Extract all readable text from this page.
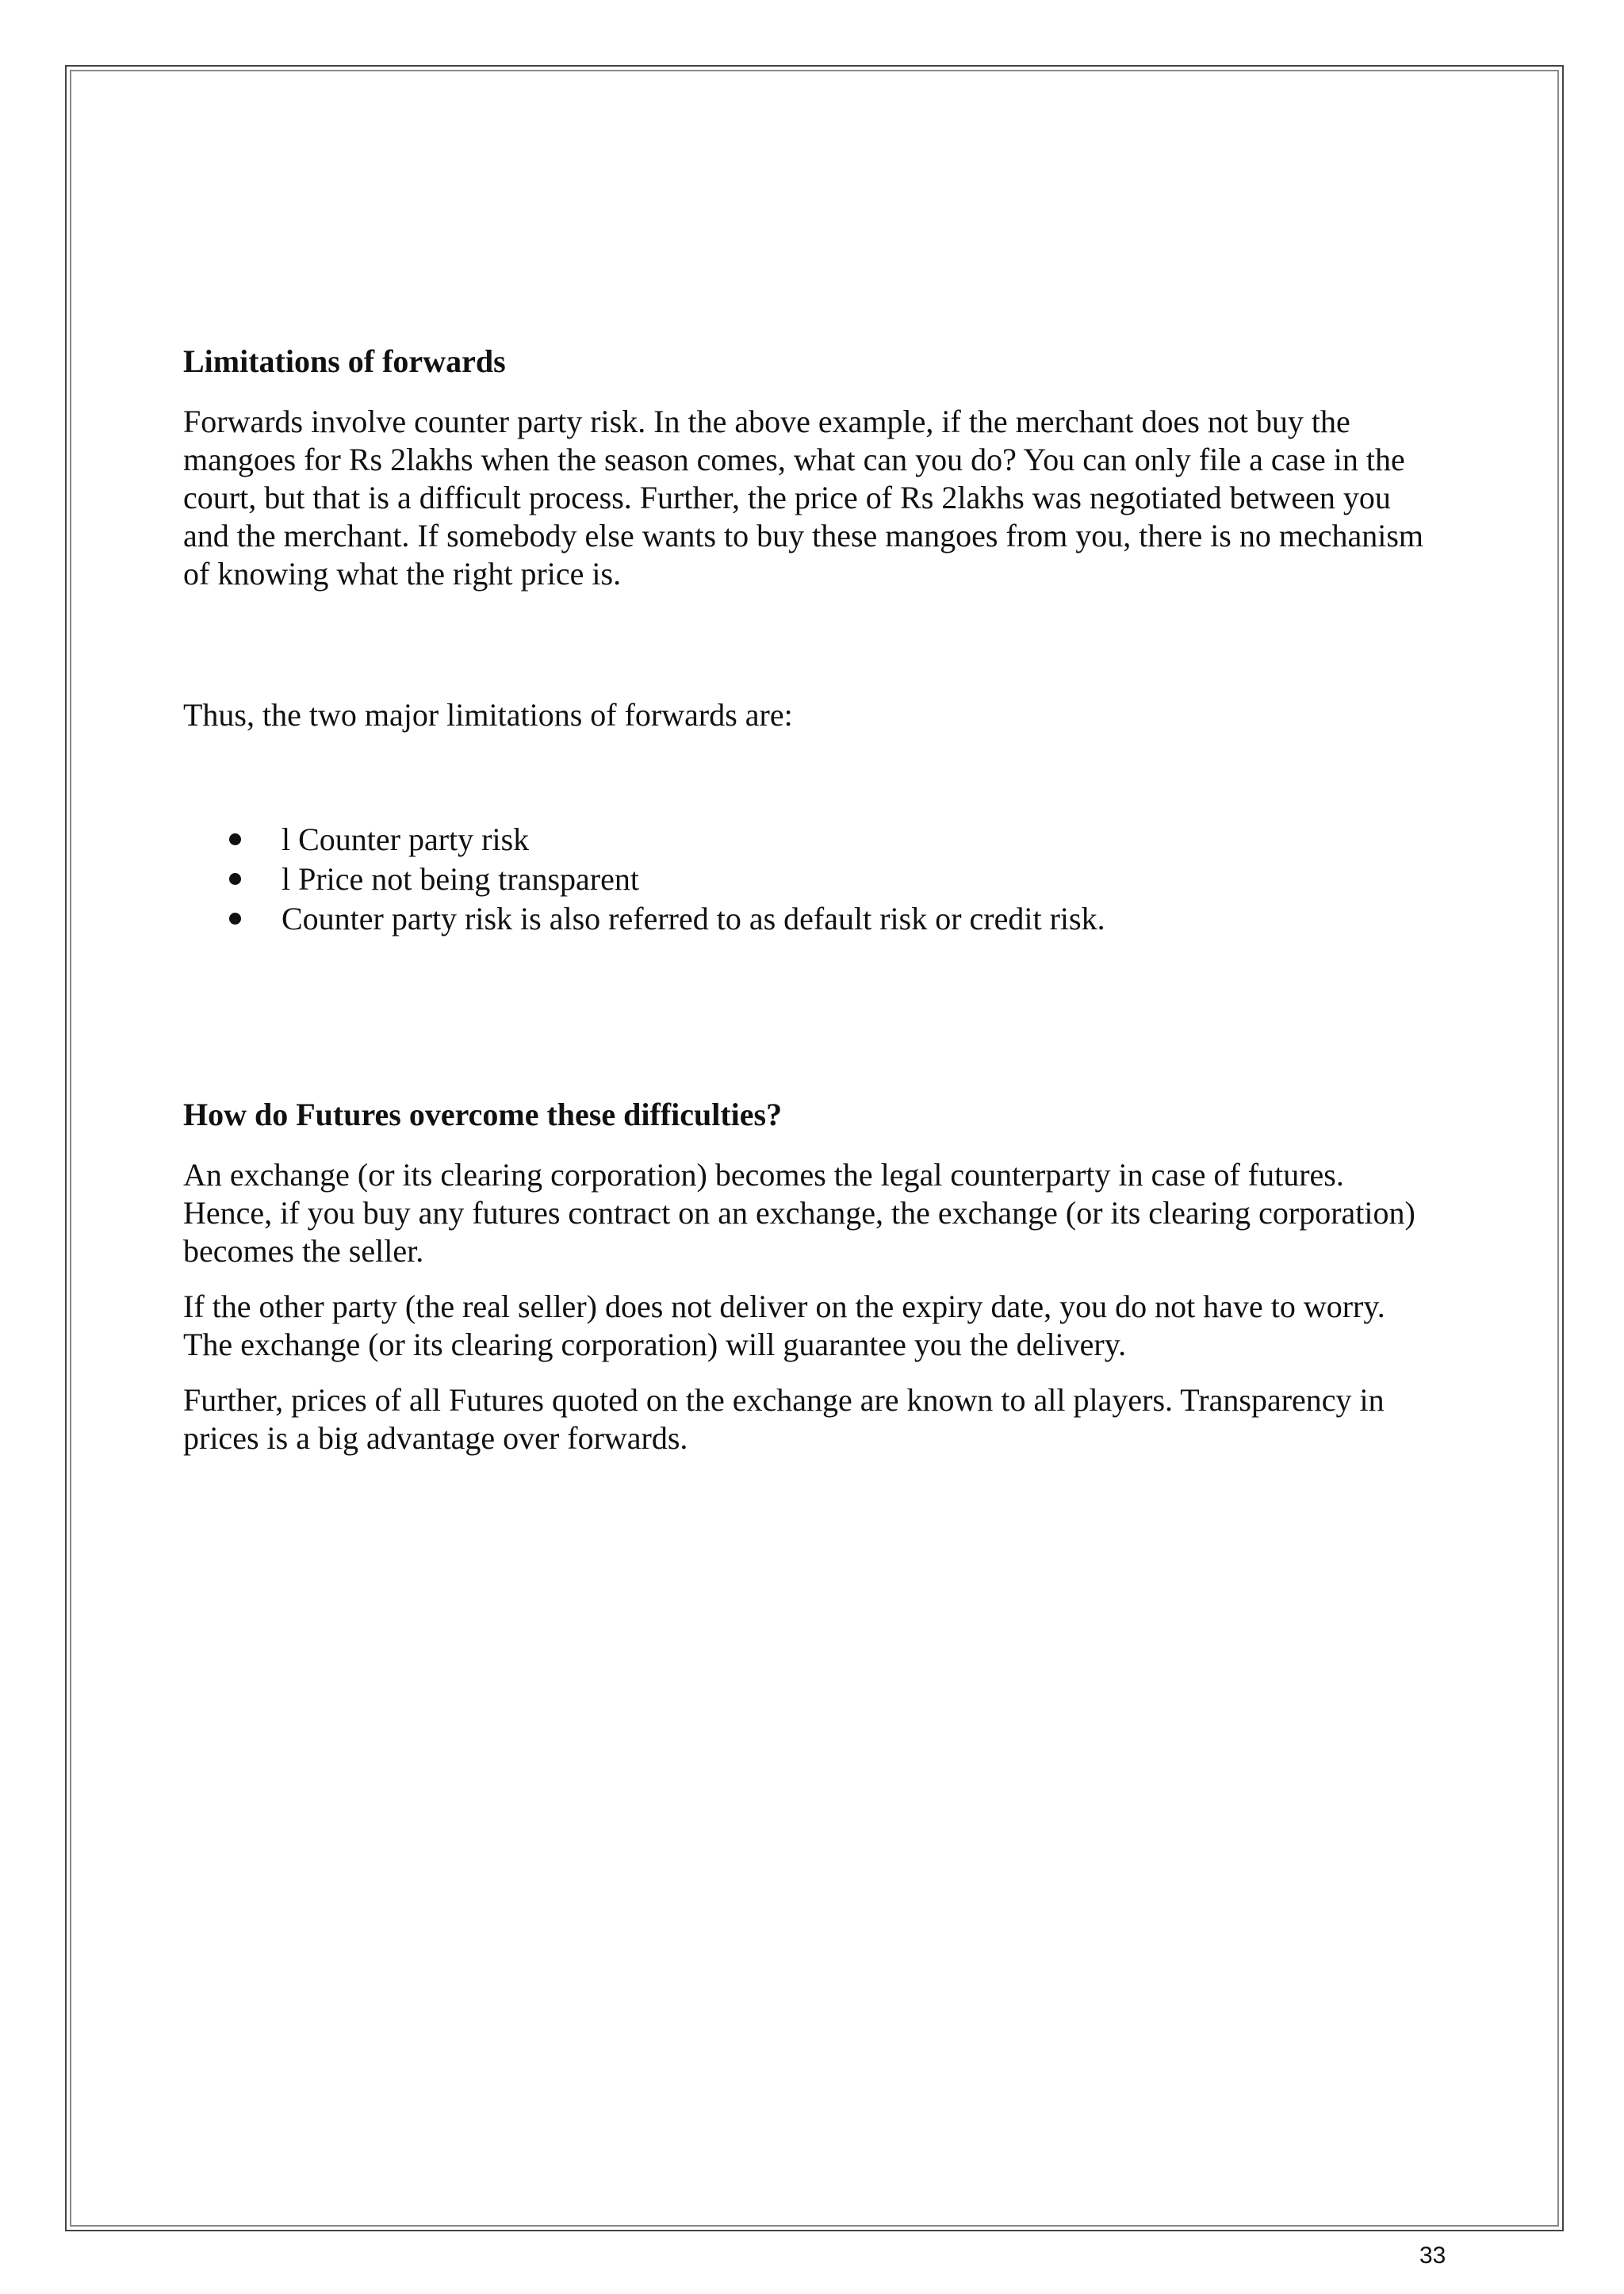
Limitations of forwards

Forwards involve counter party risk. In the above example, if the merchant does not buy the mangoes for Rs 2lakhs when the season comes, what can you do? You can only file a case in the court, but that is a difficult process. Further, the price of Rs 2lakhs was negotiated between you and the merchant. If somebody else wants to buy these mangoes from you, there is no mechanism of knowing what the right price is.

Thus, the two major limitations of forwards are:

l Counter party risk
l Price not being transparent
Counter party risk is also referred to as default risk or credit risk.
How do Futures overcome these difficulties?

An exchange (or its clearing corporation) becomes the legal counterparty in case of futures. Hence, if you buy any futures contract on an exchange, the exchange (or its clearing corporation) becomes the seller.

If the other party (the real seller) does not deliver on the expiry date, you do not have to worry. The exchange (or its clearing corporation) will guarantee you the delivery.

Further, prices of all Futures quoted on the exchange are known to all players. Transparency in prices is a big advantage over forwards.

33
